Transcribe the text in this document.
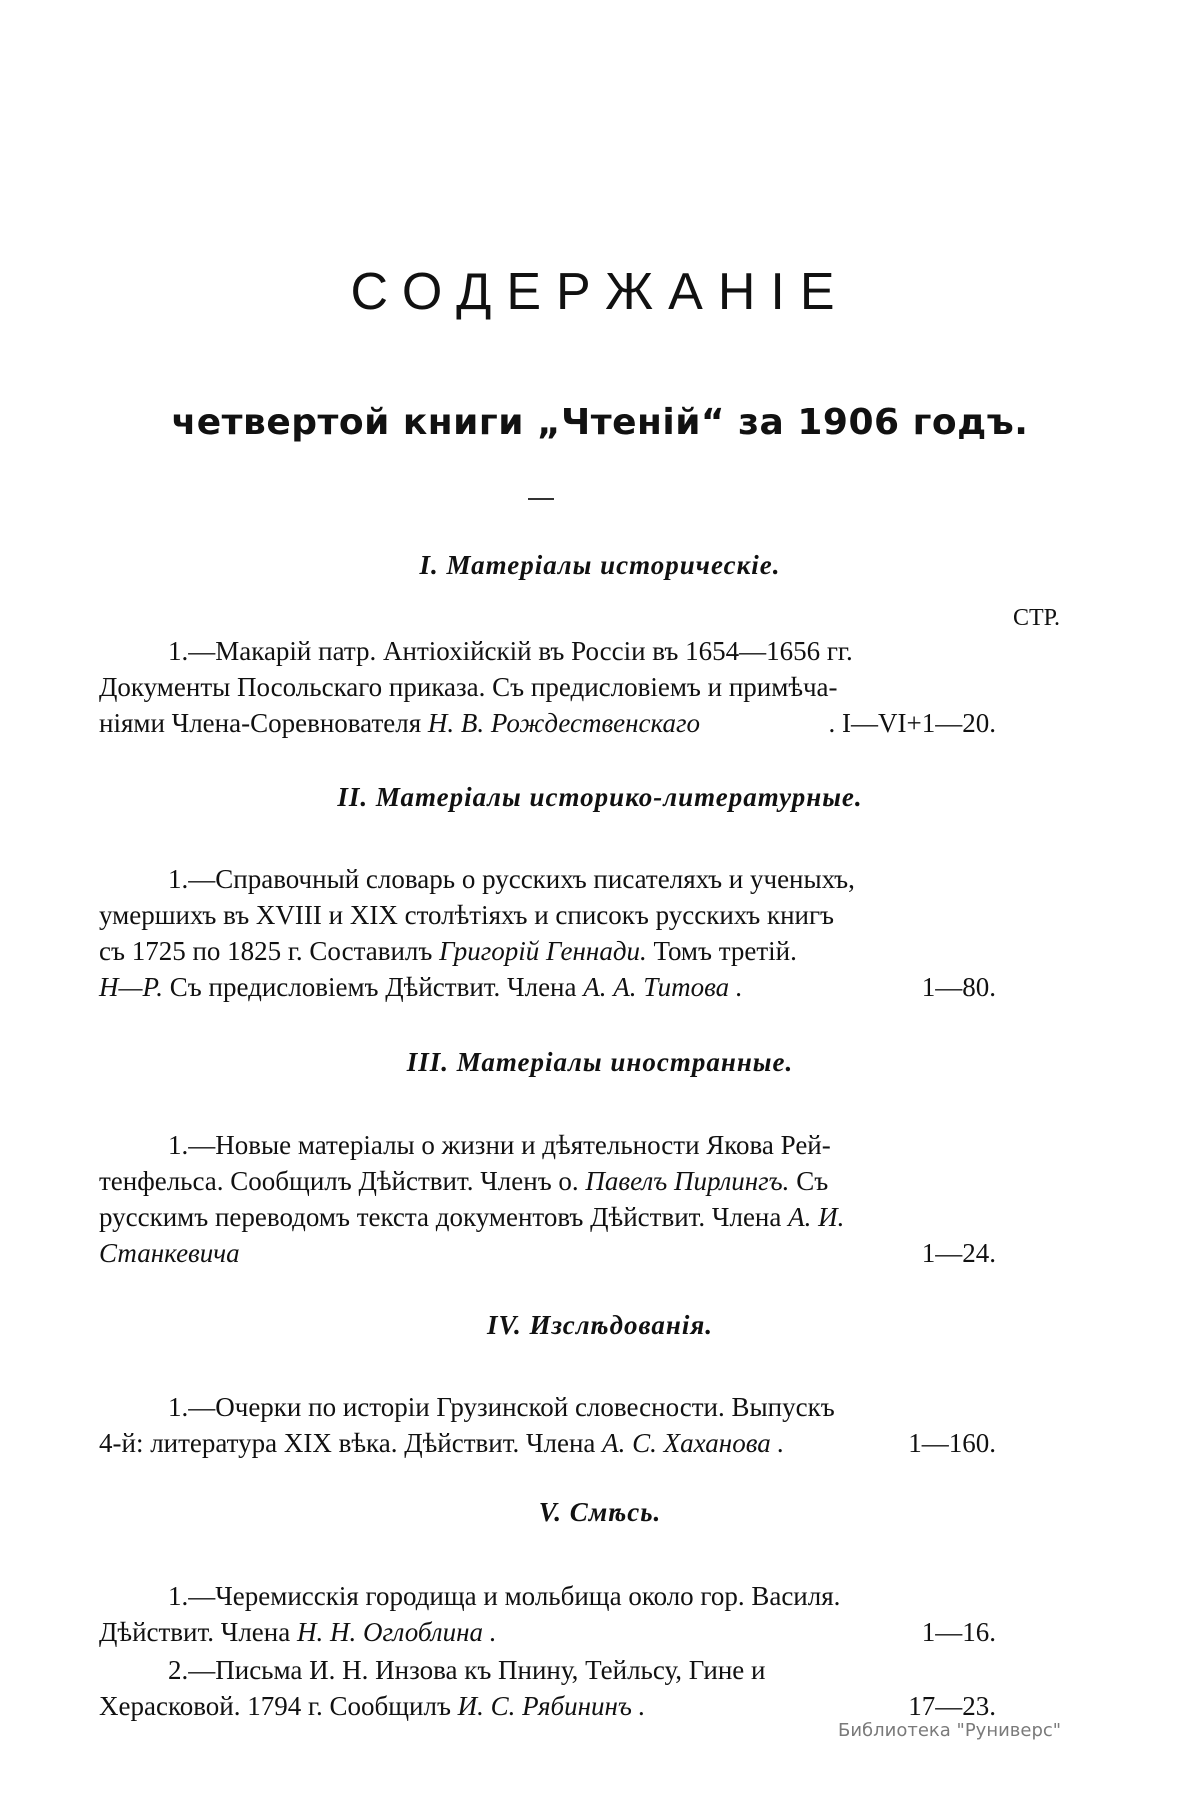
СОДЕРЖАНІЕ
четвертой книги „Чтеній“ за 1906 годъ.
I. Матеріалы историческіе.
СТР.
1.—Макарій патр. Антіохійскій въ Россіи въ 1654—1656 гг.
Документы Посольскаго приказа. Съ предисловіемъ и примѣча-
ніями Члена-Соревнователя Н. В. Рождественскаго	. I—VI+1—20.
II. Матеріалы историко-литературные.
1.—Справочный словарь о русскихъ писателяхъ и ученыхъ,
умершихъ въ XVIII и XIX столѣтіяхъ и списокъ русскихъ книгъ
съ 1725 по 1825 г. Составилъ Григорій Геннади. Томъ третій.
Н—Р. Съ предисловіемъ Дѣйствит. Члена А. А. Титова .	1—80.
III. Матеріалы иностранные.
1.—Новые матеріалы о жизни и дѣятельности Якова Рей-
тенфельса. Сообщилъ Дѣйствит. Членъ о. Павелъ Пирлингъ. Съ
русскимъ переводомъ текста документовъ Дѣйствит. Члена А. И.
Станкевича	1—24.
IV. Изслѣдованія.
1.—Очерки по исторіи Грузинской словесности. Выпускъ
4-й: литература XIX вѣка. Дѣйствит. Члена А. С. Хаханова .	1—160.
V. Смѣсь.
1.—Черемисскія городища и мольбища около гор. Василя.
Дѣйствит. Члена Н. Н. Оглоблина .	1—16.
2.—Письма И. Н. Инзова къ Пнину, Тейльсу, Гине и
Херасковой. 1794 г. Сообщилъ И. С. Рябининъ .	17—23.
Библиотека "Руниверс"
